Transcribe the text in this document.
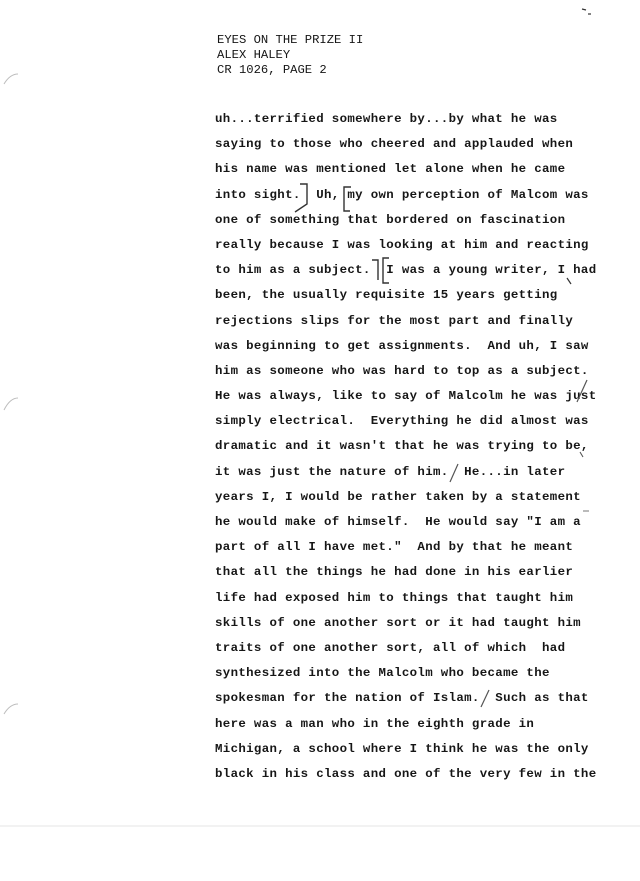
EYES ON THE PRIZE II
ALEX HALEY
CR 1026, PAGE 2
uh...terrified somewhere by...by what he was
saying to those who cheered and applauded when
his name was mentioned let alone when he came
into sight.  Uh, my own perception of Malcom was
one of something that bordered on fascination
really because I was looking at him and reacting
to him as a subject.  I was a young writer, I had
been, the usually requisite 15 years getting
rejections slips for the most part and finally
was beginning to get assignments.  And uh, I saw
him as someone who was hard to top as a subject.
He was always, like to say of Malcolm he was just
simply electrical.  Everything he did almost was
dramatic and it wasn't that he was trying to be,
it was just the nature of him.  He...in later
years I, I would be rather taken by a statement
he would make of himself.  He would say "I am a
part of all I have met."  And by that he meant
that all the things he had done in his earlier
life had exposed him to things that taught him
skills of one another sort or it had taught him
traits of one another sort, all of which  had
synthesized into the Malcolm who became the
spokesman for the nation of Islam.  Such as that
here was a man who in the eighth grade in
Michigan, a school where I think he was the only
black in his class and one of the very few in the
